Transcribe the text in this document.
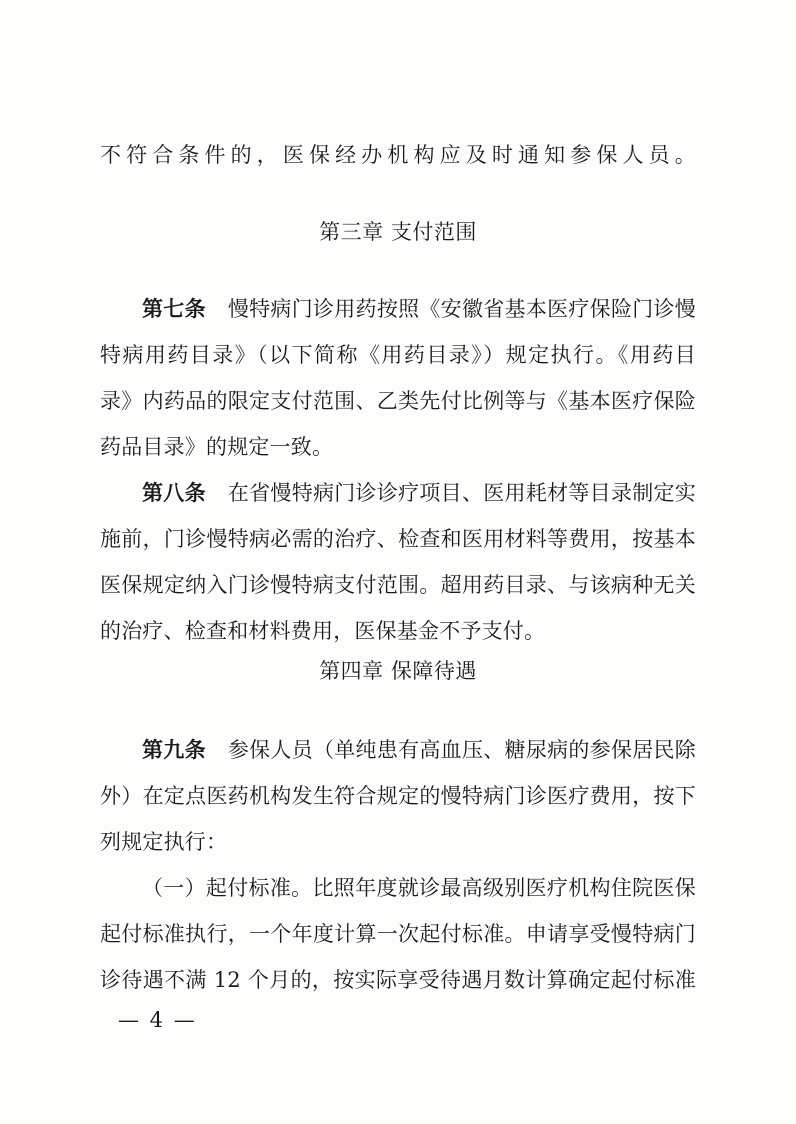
不符合条件的，医保经办机构应及时通知参保人员。
第三章 支付范围
第七条 慢特病门诊用药按照《安徽省基本医疗保险门诊慢
特病用药目录》（以下简称《用药目录》）规定执行。《用药目
录》内药品的限定支付范围、乙类先付比例等与《基本医疗保险
药品目录》的规定一致。
第八条 在省慢特病门诊诊疗项目、医用耗材等目录制定实
施前，门诊慢特病必需的治疗、检查和医用材料等费用，按基本
医保规定纳入门诊慢特病支付范围。超用药目录、与该病种无关
的治疗、检查和材料费用，医保基金不予支付。
第四章 保障待遇
第九条 参保人员（单纯患有高血压、糖尿病的参保居民除
外）在定点医药机构发生符合规定的慢特病门诊医疗费用，按下
列规定执行：
（一）起付标准。比照年度就诊最高级别医疗机构住院医保
起付标准执行，一个年度计算一次起付标准。申请享受慢特病门
诊待遇不满 12 个月的，按实际享受待遇月数计算确定起付标准
— 4 —
